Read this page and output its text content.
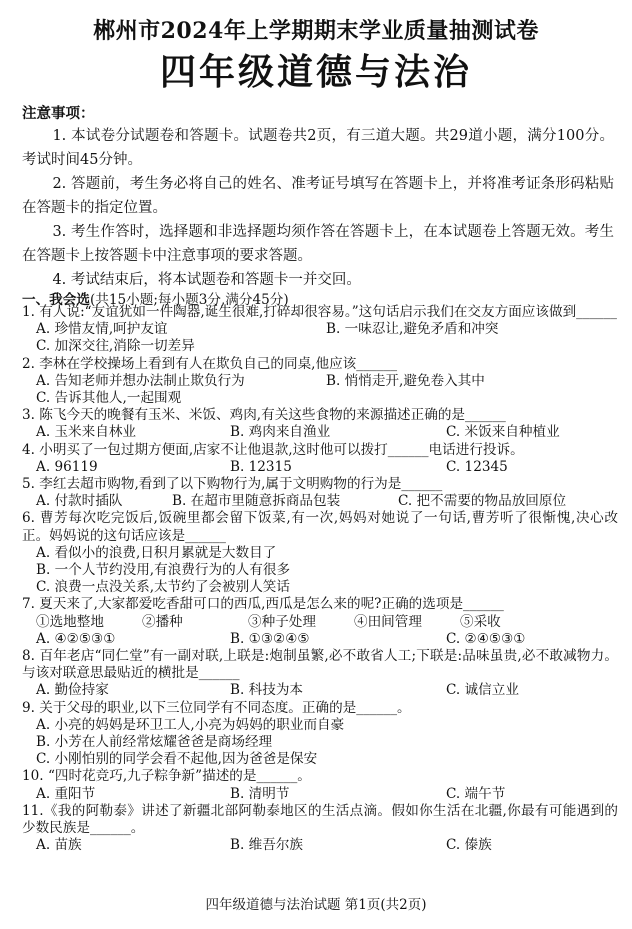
郴州市2024年上学期期末学业质量抽测试卷
四年级道德与法治
注意事项：

1. 本试卷分试题卷和答题卡。试题卷共2页，有三道大题。共29道小题，满分100分。考试时间45分钟。

2. 答题前，考生务必将自己的姓名、准考证号填写在答题卡上，并将准考证条形码粘贴在答题卡的指定位置。

3. 考生作答时，选择题和非选择题均须作答在答题卡上，在本试题卷上答题无效。考生在答题卡上按答题卡中注意事项的要求答题。

4. 考试结束后，将本试题卷和答题卡一并交回。

一、我会选(共15小题;每小题3分,满分45分)

1. 有人说:“友谊犹如一件陶器,诞生很难,打碎却很容易。”这句话启示我们在交友方面应该做到______

A. 珍惜友情,呵护友谊	B. 一味忍让,避免矛盾和冲突
C. 加深交往,消除一切差异

2. 李林在学校操场上看到有人在欺负自己的同桌,他应该______

A. 告知老师并想办法制止欺负行为	B. 悄悄走开,避免卷入其中
C. 告诉其他人,一起围观

3. 陈飞今天的晚餐有玉米、米饭、鸡肉,有关这些食物的来源描述正确的是______

A. 玉米来自林业	B. 鸡肉来自渔业	C. 米饭来自种植业

4. 小明买了一包过期方便面,店家不让他退款,这时他可以拨打______电话进行投诉。

A. 96119	B. 12315	C. 12345

5. 李红去超市购物,看到了以下购物行为,属于文明购物的行为是______

A. 付款时插队	B. 在超市里随意拆商品包装	C. 把不需要的物品放回原位

6. 曹芳每次吃完饭后,饭碗里都会留下饭菜,有一次,妈妈对她说了一句话,曹芳听了很惭愧,决心改正。妈妈说的这句话应该是______

A. 看似小的浪费,日积月累就是大数目了
B. 一个人节约没用,有浪费行为的人有很多
C. 浪费一点没关系,太节约了会被别人笑话

7. 夏天来了,大家都爱吃香甜可口的西瓜,西瓜是怎么来的呢?正确的选项是______

①选地整地	②播种	③种子处理	④田间管理	⑤采收
A. ④②⑤③①	B. ①③②④⑤	C. ②④⑤③①

8. 百年老店“同仁堂”有一副对联,上联是:炮制虽繁,必不敢省人工;下联是:品味虽贵,必不敢减物力。与该对联意思最贴近的横批是______

A. 勤俭持家	B. 科技为本	C. 诚信立业

9. 关于父母的职业,以下三位同学有不同态度。正确的是______。

A. 小亮的妈妈是环卫工人,小亮为妈妈的职业而自豪
B. 小芳在人前经常炫耀爸爸是商场经理
C. 小刚怕别的同学会看不起他,因为爸爸是保安

10. “四时花竞巧,九子粽争新”描述的是______。

A. 重阳节	B. 清明节	C. 端午节

11.《我的阿勒泰》讲述了新疆北部阿勒泰地区的生活点滴。假如你生活在北疆,你最有可能遇到的少数民族是______。

A. 苗族	B. 维吾尔族	C. 傣族
四年级道德与法治试题 第1页(共2页)
